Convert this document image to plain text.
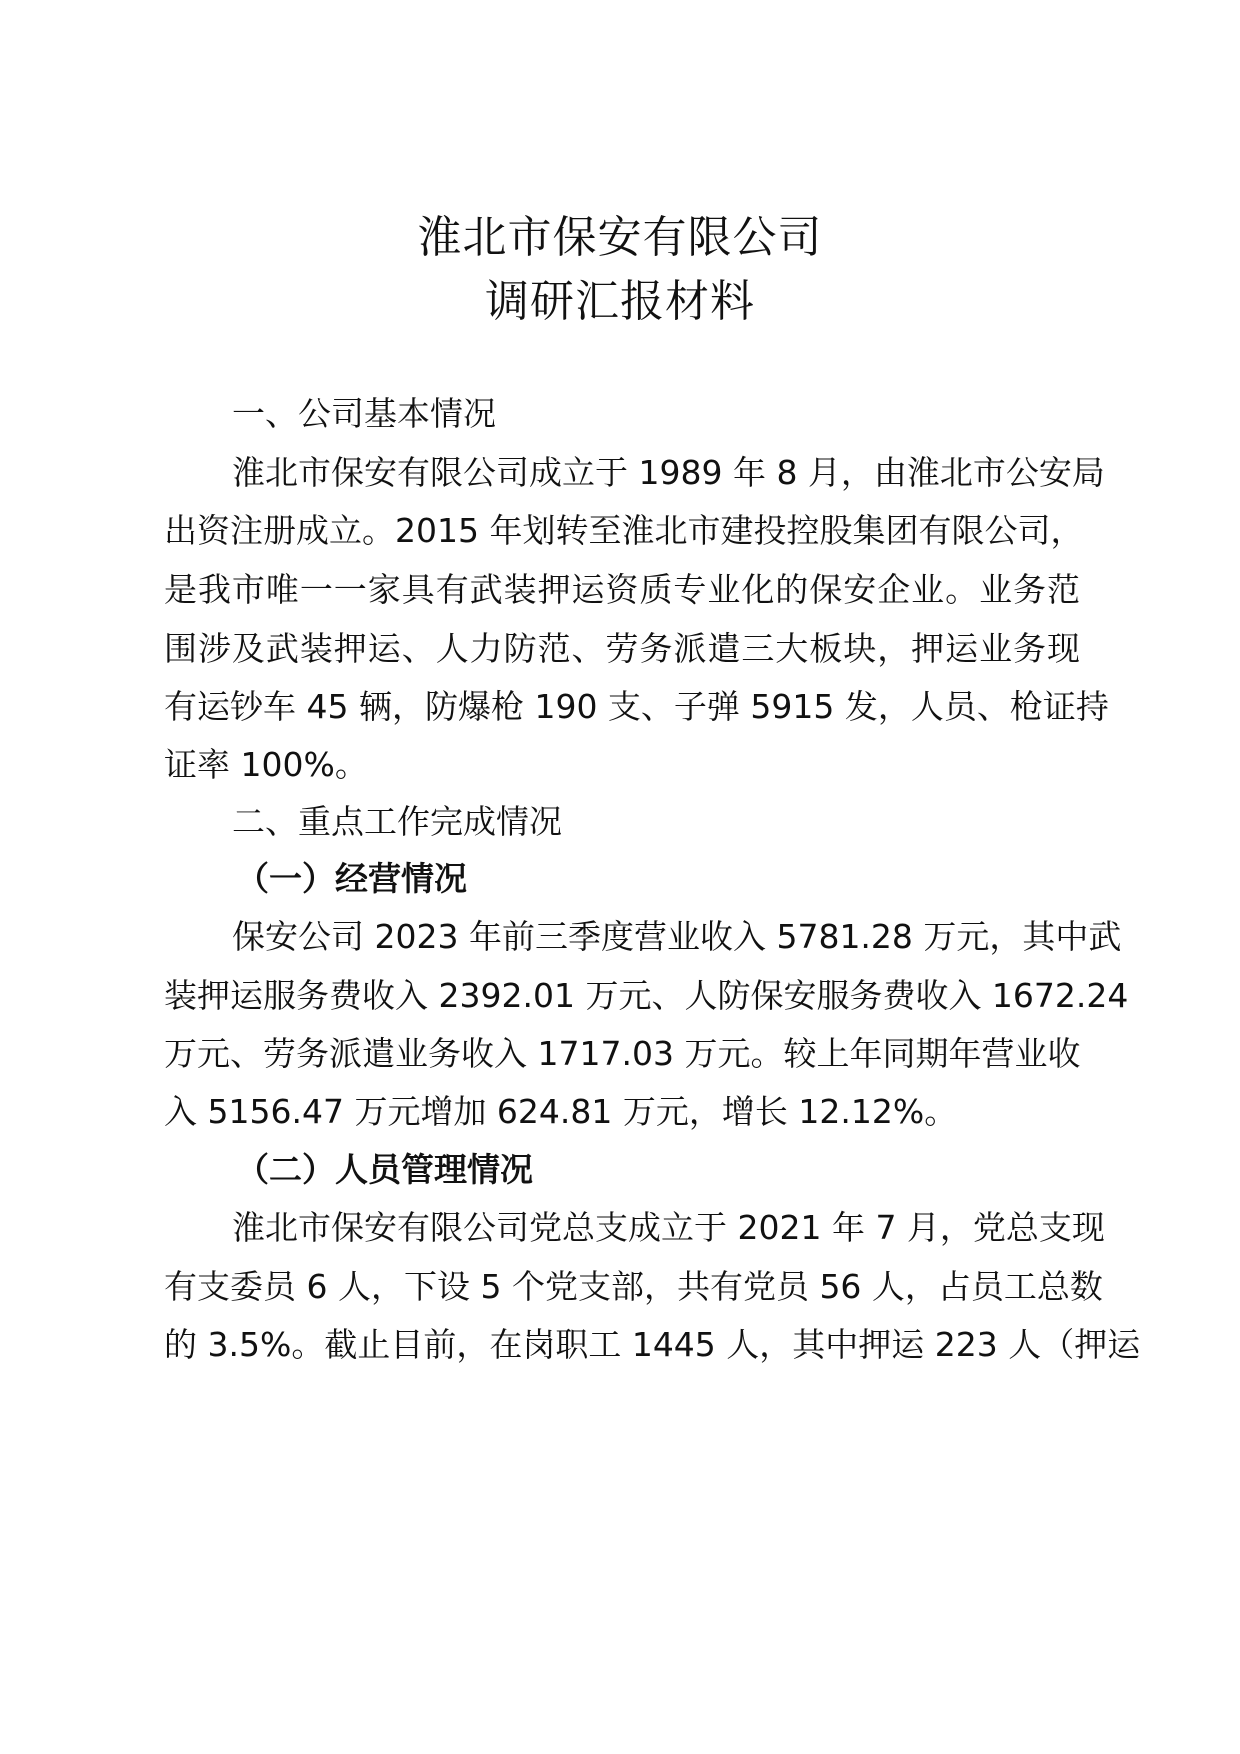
淮北市保安有限公司
调研汇报材料
一、公司基本情况
淮北市保安有限公司成立于 1989 年 8 月，由淮北市公安局
出资注册成立。2015 年划转至淮北市建投控股集团有限公司，
是我市唯一一家具有武装押运资质专业化的保安企业。业务范
围涉及武装押运、人力防范、劳务派遣三大板块，押运业务现
有运钞车 45 辆，防爆枪 190 支、子弹 5915 发，人员、枪证持
证率 100%。
二、重点工作完成情况
（一）经营情况
保安公司 2023 年前三季度营业收入 5781.28 万元，其中武
装押运服务费收入 2392.01 万元、人防保安服务费收入 1672.24
万元、劳务派遣业务收入 1717.03 万元。较上年同期年营业收
入 5156.47 万元增加 624.81 万元，增长 12.12%。
（二）人员管理情况
淮北市保安有限公司党总支成立于 2021 年 7 月，党总支现
有支委员 6 人，下设 5 个党支部，共有党员 56 人，占员工总数
的 3.5%。截止目前，在岗职工 1445 人，其中押运 223 人（押运
